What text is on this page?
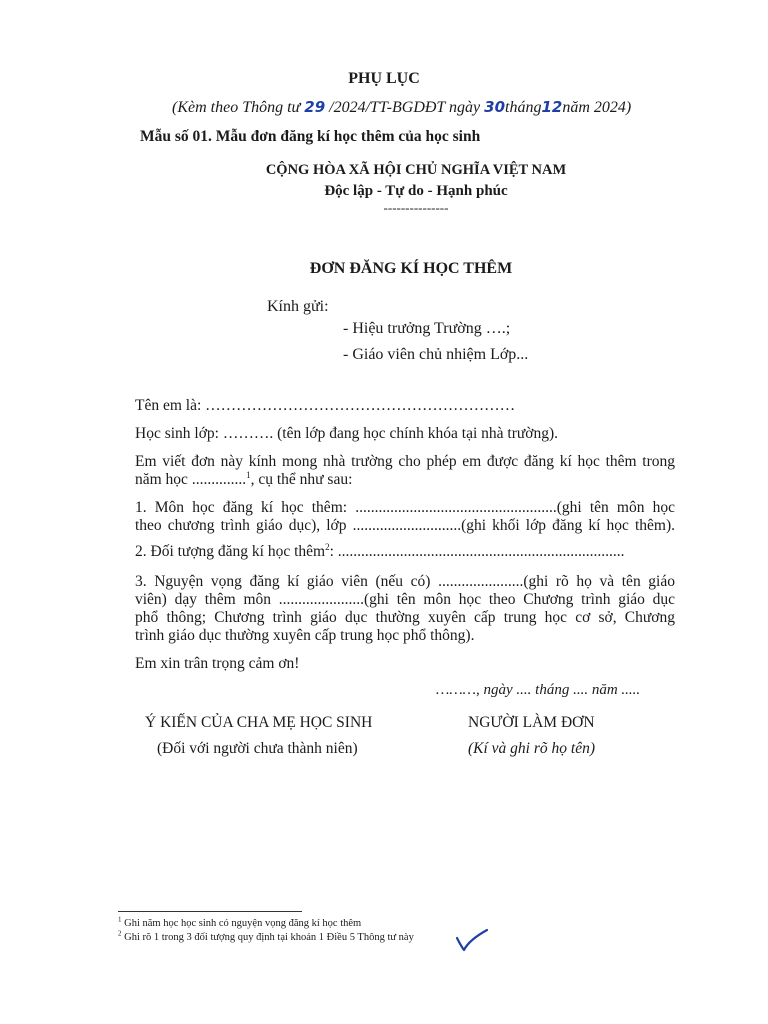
PHỤ LỤC
(Kèm theo Thông tư 29 /2024/TT-BGDĐT ngày 30tháng12năm 2024)
Mẫu số 01. Mẫu đơn đăng kí học thêm của học sinh
CỘNG HÒA XÃ HỘI CHỦ NGHĨA VIỆT NAM
Độc lập - Tự do - Hạnh phúc
---------------
ĐƠN ĐĂNG KÍ HỌC THÊM
Kính gửi:
- Hiệu trưởng Trường ….;
- Giáo viên chủ nhiệm Lớp...
Tên em là: ……………………………………………………
Học sinh lớp: ………. (tên lớp đang học chính khóa tại nhà trường).
Em viết đơn này kính mong nhà trường cho phép em được đăng kí học thêm trong
năm học ..............$^1$, cụ thể như sau:
1. Môn học đăng kí học thêm: ....................................................(ghi tên môn học
theo chương trình giáo dục), lớp ............................(ghi khối lớp đăng kí học thêm).
2. Đối tượng đăng kí học thêm$^2$: ..........................................................................
3. Nguyện vọng đăng kí giáo viên (nếu có) ......................(ghi rõ họ và tên giáo
viên) dạy thêm môn ......................(ghi tên môn học theo Chương trình giáo dục
phổ thông; Chương trình giáo dục thường xuyên cấp trung học cơ sở, Chương
trình giáo dục thường xuyên cấp trung học phổ thông).
Em xin trân trọng cảm ơn!
………, ngày .... tháng .... năm .....
Ý KIẾN CỦA CHA MẸ HỌC SINH
(Đối với người chưa thành niên)
NGƯỜI LÀM ĐƠN
(Kí và ghi rõ họ tên)
$^1$ Ghi năm học học sinh có nguyện vọng đăng kí học thêm
$^2$ Ghi rõ 1 trong 3 đối tượng quy định tại khoản 1 Điều 5 Thông tư này
